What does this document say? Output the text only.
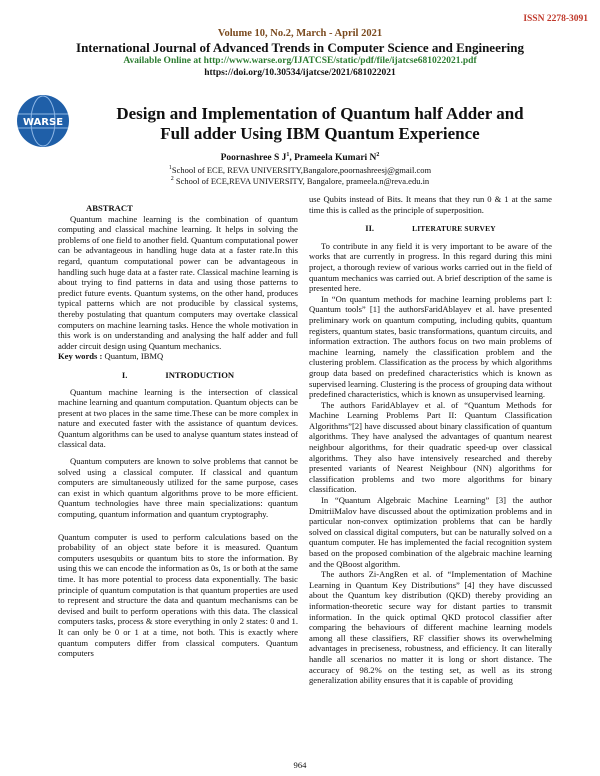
ISSN 2278-3091
Volume 10, No.2, March - April 2021
International Journal of Advanced Trends in Computer Science and Engineering
Available Online at http://www.warse.org/IJATCSE/static/pdf/file/ijatcse681022021.pdf
https://doi.org/10.30534/ijatcse/2021/681022021
WARSE	Design and Implementation of Quantum half Adder and
Full adder Using IBM Quantum Experience
Poornashree S $J^1$, Prameela Kumari $N^2$
$^1$School of ECE, REVA UNIVERSITY,Bangalore,poornashreesj@gmail.com
$^2$ School of ECE,REVA UNIVERSITY, Bangalore, prameela.n@reva.edu.in
ABSTRACT

Quantum machine learning is the combination of quantum computing and classical machine learning. It helps in solving the problems of one field to another field. Quantum computational power can be advantageous in handling huge data at a faster rate.In this regard, quantum computational power can be advantageous in handling such huge data at a faster rate. Classical machine learning is about trying to find patterns in data and using those patterns to predict future events. Quantum systems, on the other hand, produces typical patterns which are not producible by classical systems, thereby postulating that quantum computers may overtake classical computers on machine learning tasks. Hence the whole motivation in this work is on understanding and analysing the half adder and full adder circuit design using Quantum mechanics.

Key words : Quantum, IBMQ

I.	INTRODUCTION

Quantum machine learning is the intersection of classical machine learning and quantum computation. Quantum objects can be present at two places in the same time.These can be more complex in nature and executed faster with the assistance of quantum devices. Quantum algorithms can be used to analyse quantum states instead of classical data.

Quantum computers are known to solve problems that cannot be solved using a classical computer. If classical and quantum computers are simultaneously utilized for the same purpose, cases can exist in which quantum algorithms prove to be more efficient. Quantum technologies have three main specializations: quantum computing, quantum information and quantum cryptography.

Quantum computer is used to perform calculations based on the probability of an object state before it is measured. Quantum computers usesqubits or quantum bits to store the information. By using this we can encode the information as 0s, 1s or both at the same time. It has more potential to process data exponentially. The basic principle of quantum computation is that quantum properties are used to represent and structure the data and quantum mechanisms can be devised and built to perform operations with this data. The classical computers tasks, process & store everything in only 2 states: 0 and 1. It can only be 0 or 1 at a time, not both. This is exactly where quantum computers differ from classical computers. Quantum computers

use Qubits instead of Bits. It means that they run 0 & 1 at the same time this is called as the principle of superposition.

II.	LITERATURE SURVEY

To contribute in any field it is very important to be aware of the works that are currently in progress. In this regard during this mini project, a thorough review of various works carried out in the field of quantum mechanics was carried out. A brief description of the same is presented here.

In “On quantum methods for machine learning problems part I: Quantum tools” [1] the authorsFaridAblayev et al. have presented preliminary work on quantum computing, including qubits, quantum registers, quantum states, basic transformations, quantum circuits, and information extraction. The authors focus on two main problems of machine learning, namely the classification problem and the clustering problem. Classification as the process by which algorithms group data based on predefined characteristics which is known as supervised learning. Clustering is the process of grouping data without predefined characteristics, which is known as unsupervised learning.

The authors FaridAblayev et al. of “Quantum Methods for Machine Learning Problems Part II: Quantum Classification Algorithms”[2] have discussed about binary classification of quantum algorithms. They have analysed the advantages of quantum nearest neighbour algorithms, for their quadratic speed-up over classical algorithms. They also have intensively researched and thereby presented variants of Nearest Neighbour (NN) algorithms for classification problems and two more algorithms for binary classification.

In “Quantum Algebraic Machine Learning” [3] the author DmitriiMalov have discussed about the optimization problems and in particular non-convex optimization problems that can be hardly solved on classical digital computers, but can be naturally solved on a quantum computer. He has implemented the facial recognition system based on the proposed combination of the algebraic machine learning and the QBoost algorithm.

The authors Zi-AngRen et al. of “Implementation of Machine Learning in Quantum Key Distributions” [4] they have discussed about the Quantum key distribution (QKD) thereby providing an information-theoretic secure way for distant parties to transmit information. In the quick optimal QKD protocol classifier after comparing the behaviours of different machine learning models among all these classifiers, RF classifier shows its overwhelming advantages in preciseness, robustness, and efficiency. It can literally handle all scenarios no matter it is long or short distance. The accuracy of 98.2% on the testing set, as well as its strong generalization ability ensures that it is capable of providing

964
